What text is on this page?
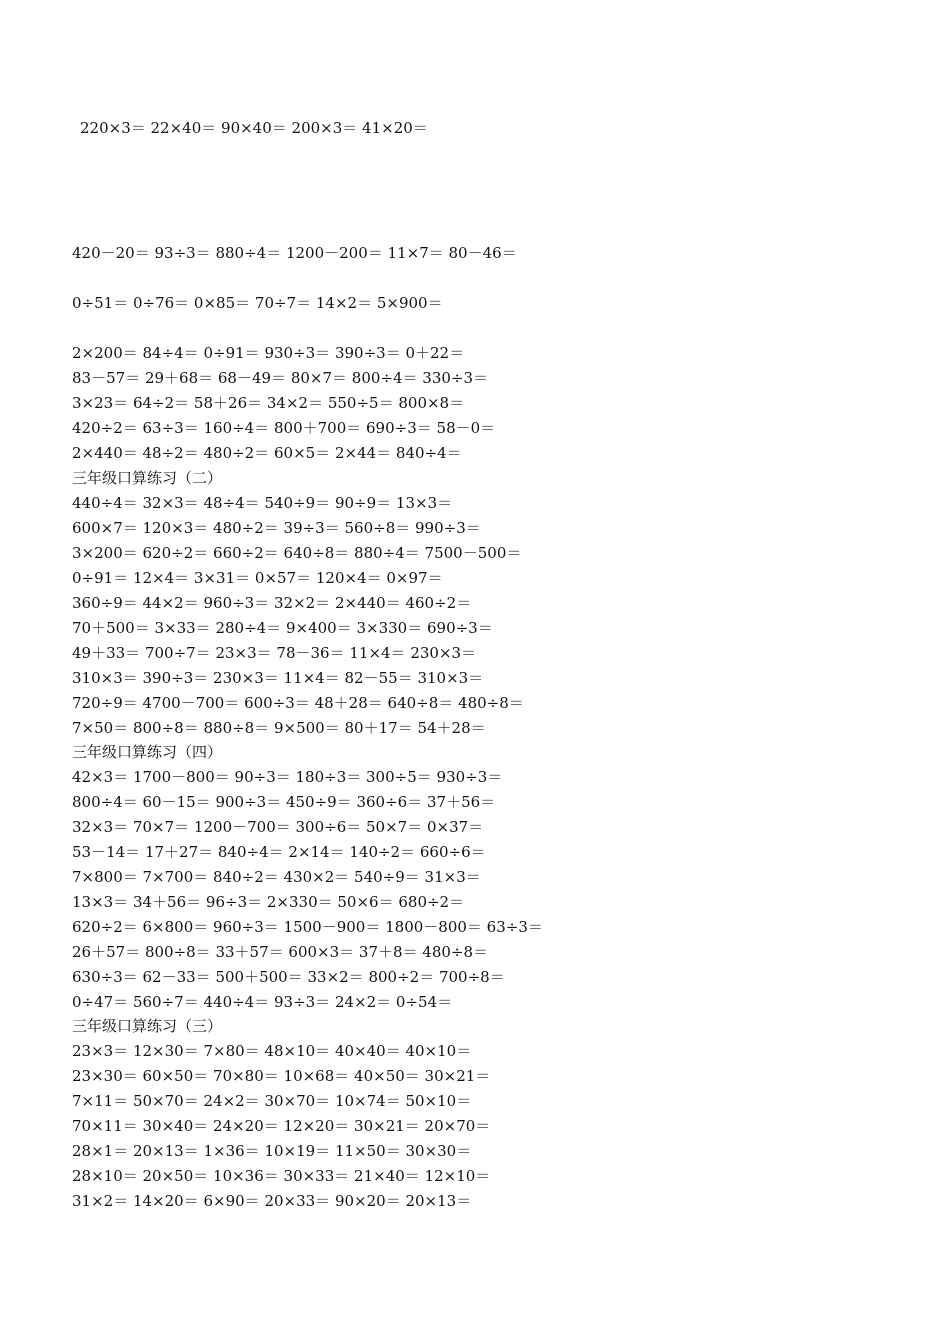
220×3＝ 22×40＝ 90×40＝ 200×3＝ 41×20＝
420－20＝ 93÷3＝ 880÷4＝ 1200－200＝ 11×7＝ 80－46＝
0÷51＝ 0÷76＝ 0×85＝ 70÷7＝ 14×2＝ 5×900＝
2×200＝ 84÷4＝ 0÷91＝ 930÷3＝ 390÷3＝ 0＋22＝
83－57＝ 29＋68＝ 68－49＝ 80×7＝ 800÷4＝ 330÷3＝
3×23＝ 64÷2＝ 58＋26＝ 34×2＝ 550÷5＝ 800×8＝
420÷2＝ 63÷3＝ 160÷4＝ 800＋700＝ 690÷3＝ 58－0＝
2×440＝ 48÷2＝ 480÷2＝ 60×5＝ 2×44＝ 840÷4＝
三年级口算练习（二）
440÷4＝ 32×3＝ 48÷4＝ 540÷9＝ 90÷9＝ 13×3＝
600×7＝ 120×3＝ 480÷2＝ 39÷3＝ 560÷8＝ 990÷3＝
3×200＝ 620÷2＝ 660÷2＝ 640÷8＝ 880÷4＝ 7500－500＝
0÷91＝ 12×4＝ 3×31＝ 0×57＝ 120×4＝ 0×97＝
360÷9＝ 44×2＝ 960÷3＝ 32×2＝ 2×440＝ 460÷2＝
70＋500＝ 3×33＝ 280÷4＝ 9×400＝ 3×330＝ 690÷3＝
49＋33＝ 700÷7＝ 23×3＝ 78－36＝ 11×4＝ 230×3＝
310×3＝ 390÷3＝ 230×3＝ 11×4＝ 82－55＝ 310×3＝
720÷9＝ 4700－700＝ 600÷3＝ 48＋28＝ 640÷8＝ 480÷8＝
7×50＝ 800÷8＝ 880÷8＝ 9×500＝ 80＋17＝ 54＋28＝
三年级口算练习（四）
42×3＝ 1700－800＝ 90÷3＝ 180÷3＝ 300÷5＝ 930÷3＝
800÷4＝ 60－15＝ 900÷3＝ 450÷9＝ 360÷6＝ 37＋56＝
32×3＝ 70×7＝ 1200－700＝ 300÷6＝ 50×7＝ 0×37＝
53－14＝ 17＋27＝ 840÷4＝ 2×14＝ 140÷2＝ 660÷6＝
7×800＝ 7×700＝ 840÷2＝ 430×2＝ 540÷9＝ 31×3＝
13×3＝ 34＋56＝ 96÷3＝ 2×330＝ 50×6＝ 680÷2＝
620÷2＝ 6×800＝ 960÷3＝ 1500－900＝ 1800－800＝ 63÷3＝
26＋57＝ 800÷8＝ 33＋57＝ 600×3＝ 37＋8＝ 480÷8＝
630÷3＝ 62－33＝ 500＋500＝ 33×2＝ 800÷2＝ 700÷8＝
0÷47＝ 560÷7＝ 440÷4＝ 93÷3＝ 24×2＝ 0÷54＝
三年级口算练习（三）
23×3＝ 12×30＝ 7×80＝ 48×10＝ 40×40＝ 40×10＝
23×30＝ 60×50＝ 70×80＝ 10×68＝ 40×50＝ 30×21＝
7×11＝ 50×70＝ 24×2＝ 30×70＝ 10×74＝ 50×10＝
70×11＝ 30×40＝ 24×20＝ 12×20＝ 30×21＝ 20×70＝
28×1＝ 20×13＝ 1×36＝ 10×19＝ 11×50＝ 30×30＝
28×10＝ 20×50＝ 10×36＝ 30×33＝ 21×40＝ 12×10＝
31×2＝ 14×20＝ 6×90＝ 20×33＝ 90×20＝ 20×13＝
